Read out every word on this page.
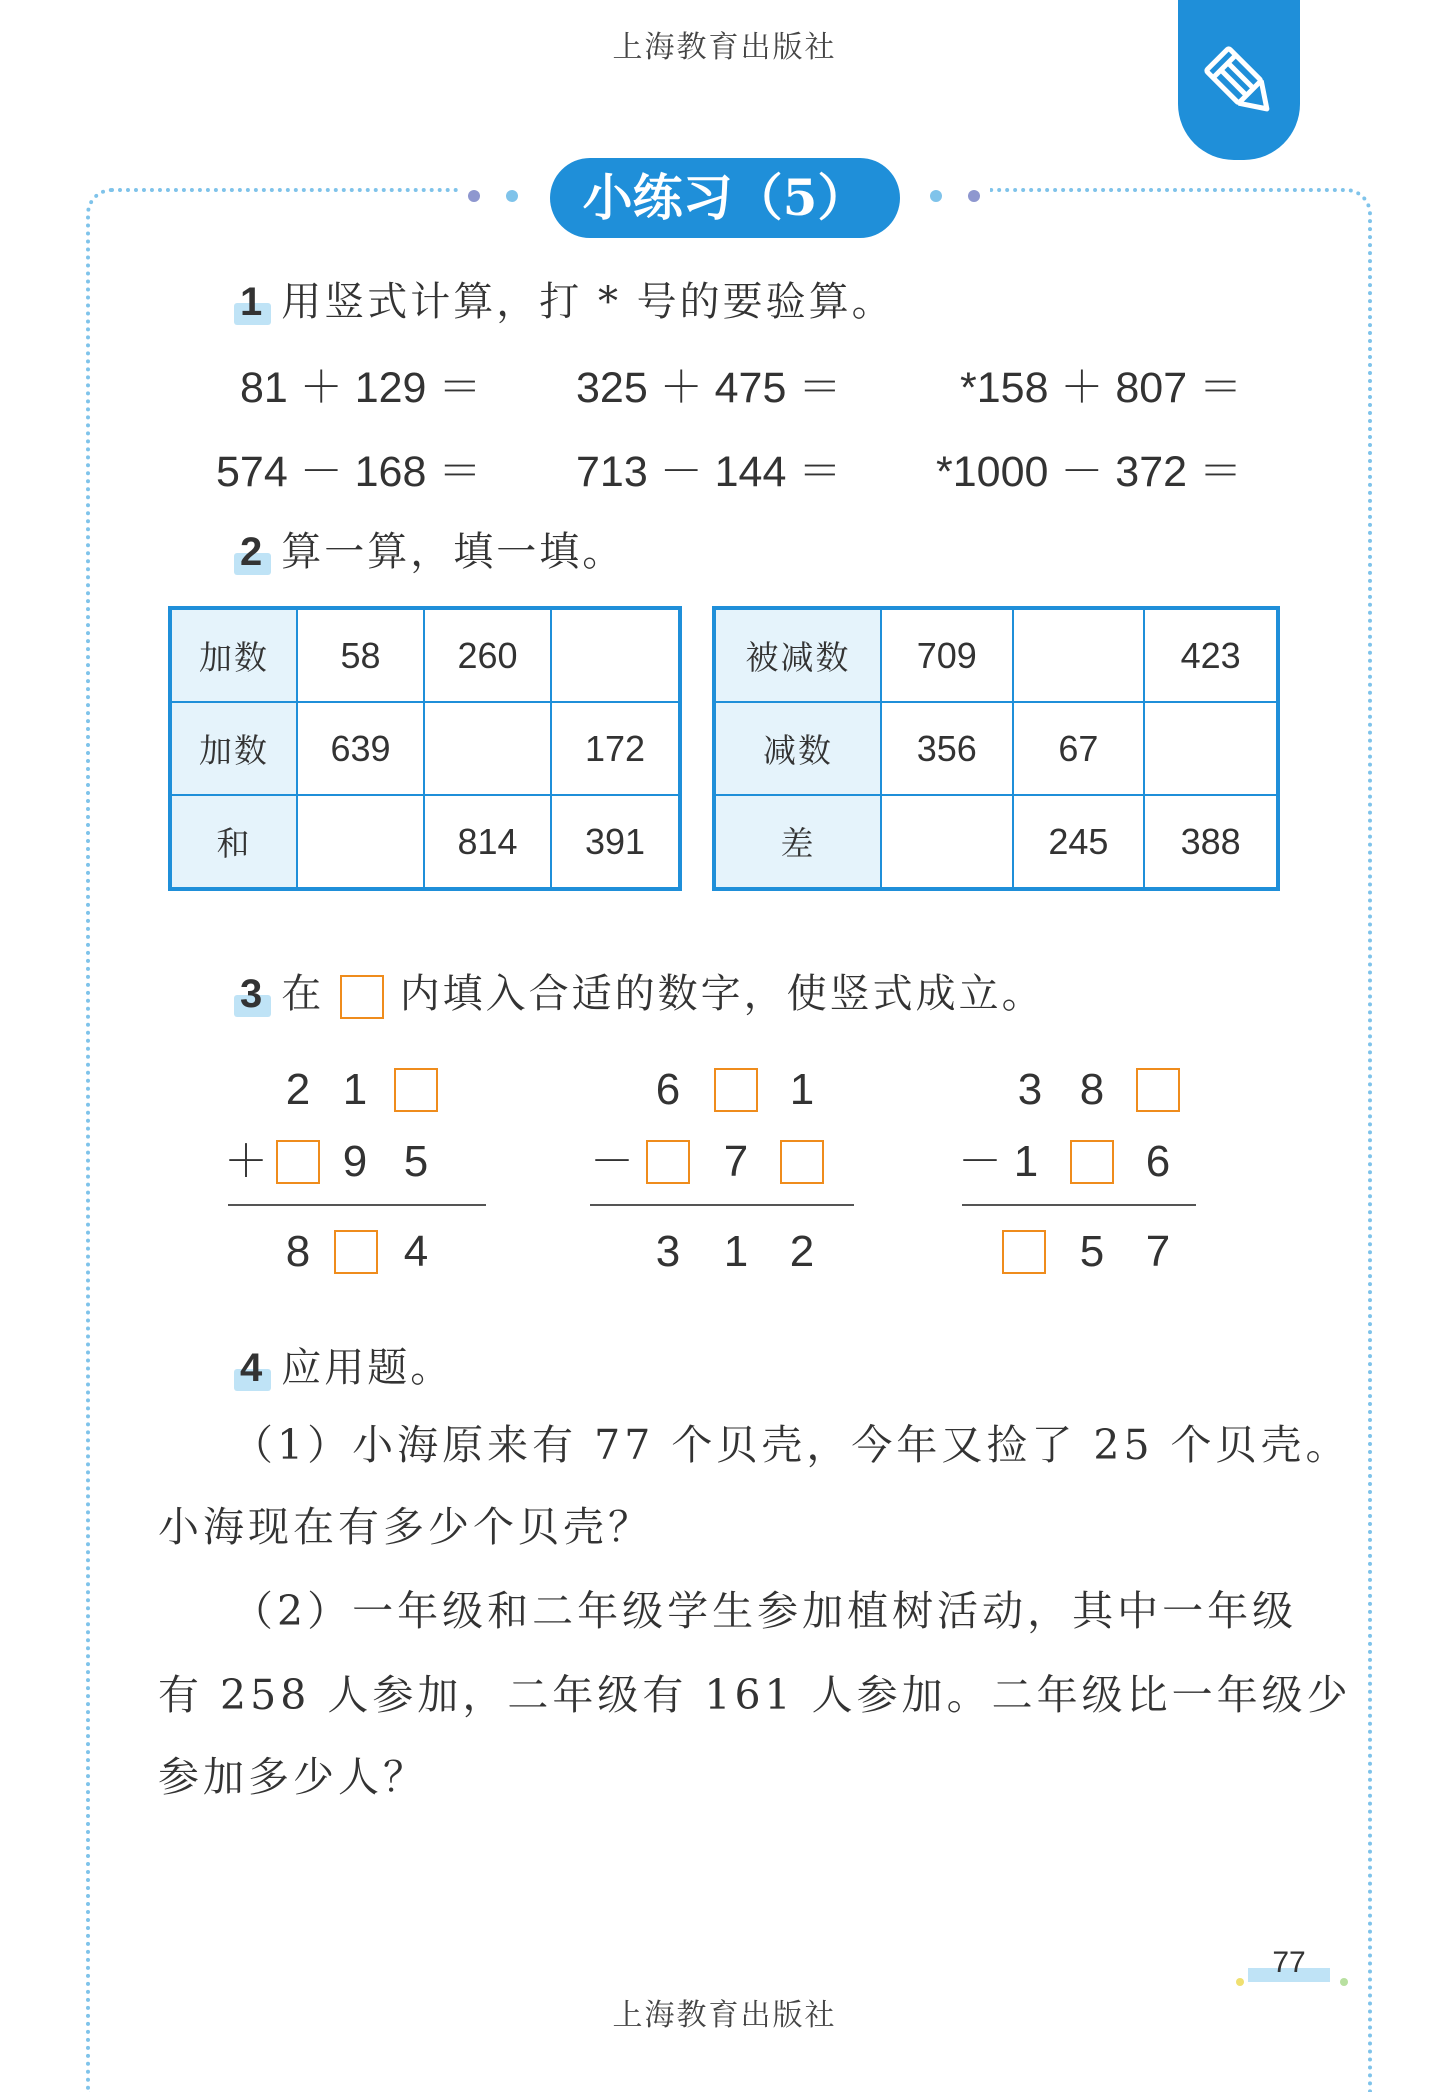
上海教育出版社
小练习（5）
1 用竖式计算，打 * 号的要验算。
81 ＋ 129 ＝ 325 ＋ 475 ＝	*158 ＋ 807 ＝
574 － 168 ＝ 713 － 144 ＝ *1000 － 372 ＝
2 算一算，填一填。
加数	58	260	
加数	639		172
和		814	391
被减数	709		423
减数	356	67	
差		245	388
3 在 内填入合适的数字，使竖式成立。
2 1
＋	9 5
8	4
6	1
－	7
3 1 2
3 8
－ 1	6
5 7
4 应用题。
（1）小海原来有 77 个贝壳，今年又捡了 25 个贝壳。
小海现在有多少个贝壳？
（2）一年级和二年级学生参加植树活动，其中一年级
有 258 人参加，二年级有 161 人参加。二年级比一年级少
参加多少人？
77
上海教育出版社
